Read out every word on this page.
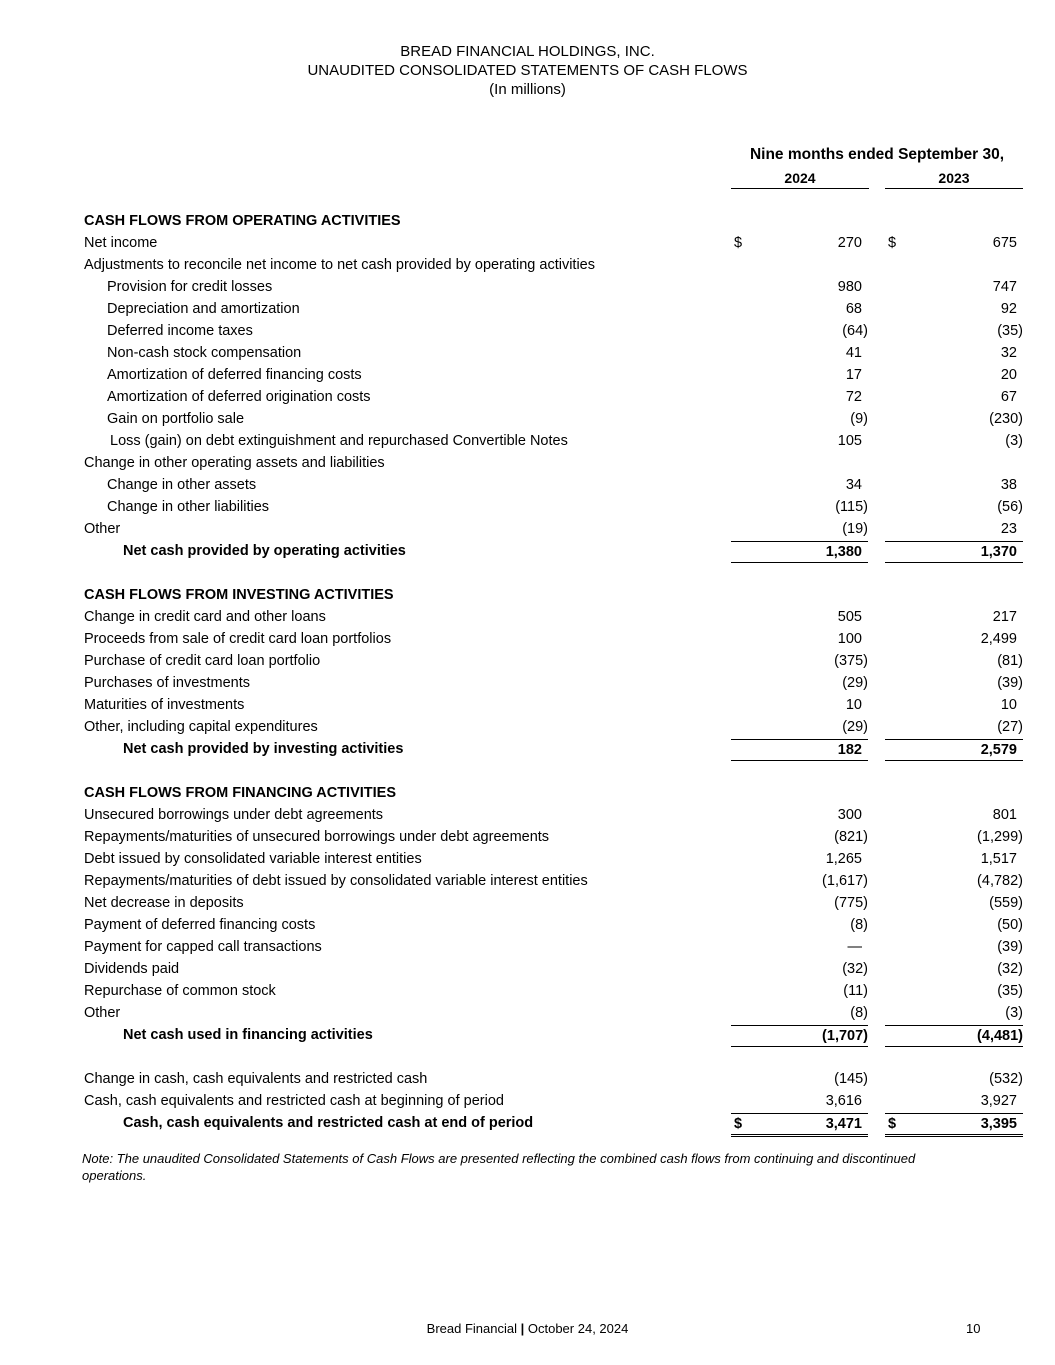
BREAD FINANCIAL HOLDINGS, INC.
UNAUDITED CONSOLIDATED STATEMENTS OF CASH FLOWS
(In millions)
Nine months ended September 30,
2024	2023
CASH FLOWS FROM OPERATING ACTIVITIES
Net income	$	270 $	675
Adjustments to reconcile net income to net cash provided by operating activities
Provision for credit losses	980	747
Depreciation and amortization	68	92
Deferred income taxes	(64)	(35)
Non-cash stock compensation	41	32
Amortization of deferred financing costs	17	20
Amortization of deferred origination costs	72	67
Gain on portfolio sale	(9)	(230)
Loss (gain) on debt extinguishment and repurchased Convertible Notes	105	(3)
Change in other operating assets and liabilities
Change in other assets	34	38
Change in other liabilities	(115)	(56)
Other	(19)	23
Net cash provided by operating activities	1,380	1,370
CASH FLOWS FROM INVESTING ACTIVITIES
Change in credit card and other loans	505	217
Proceeds from sale of credit card loan portfolios	100	2,499
Purchase of credit card loan portfolio	(375)	(81)
Purchases of investments	(29)	(39)
Maturities of investments	10	10
Other, including capital expenditures	(29)	(27)
Net cash provided by investing activities	182	2,579
CASH FLOWS FROM FINANCING ACTIVITIES
Unsecured borrowings under debt agreements	300	801
Repayments/maturities of unsecured borrowings under debt agreements	(821)	(1,299)
Debt issued by consolidated variable interest entities	1,265	1,517
Repayments/maturities of debt issued by consolidated variable interest entities	(1,617)	(4,782)
Net decrease in deposits	(775)	(559)
Payment of deferred financing costs	(8)	(50)
Payment for capped call transactions	—	(39)
Dividends paid	(32)	(32)
Repurchase of common stock	(11)	(35)
Other	(8)	(3)
Net cash used in financing activities	(1,707)	(4,481)
Change in cash, cash equivalents and restricted cash	(145)	(532)
Cash, cash equivalents and restricted cash at beginning of period	3,616	3,927
Cash, cash equivalents and restricted cash at end of period	$	3,471 $	3,395
Note: The unaudited Consolidated Statements of Cash Flows are presented reflecting the combined cash flows from continuing and discontinued operations.
Bread Financial | October 24, 2024	10
